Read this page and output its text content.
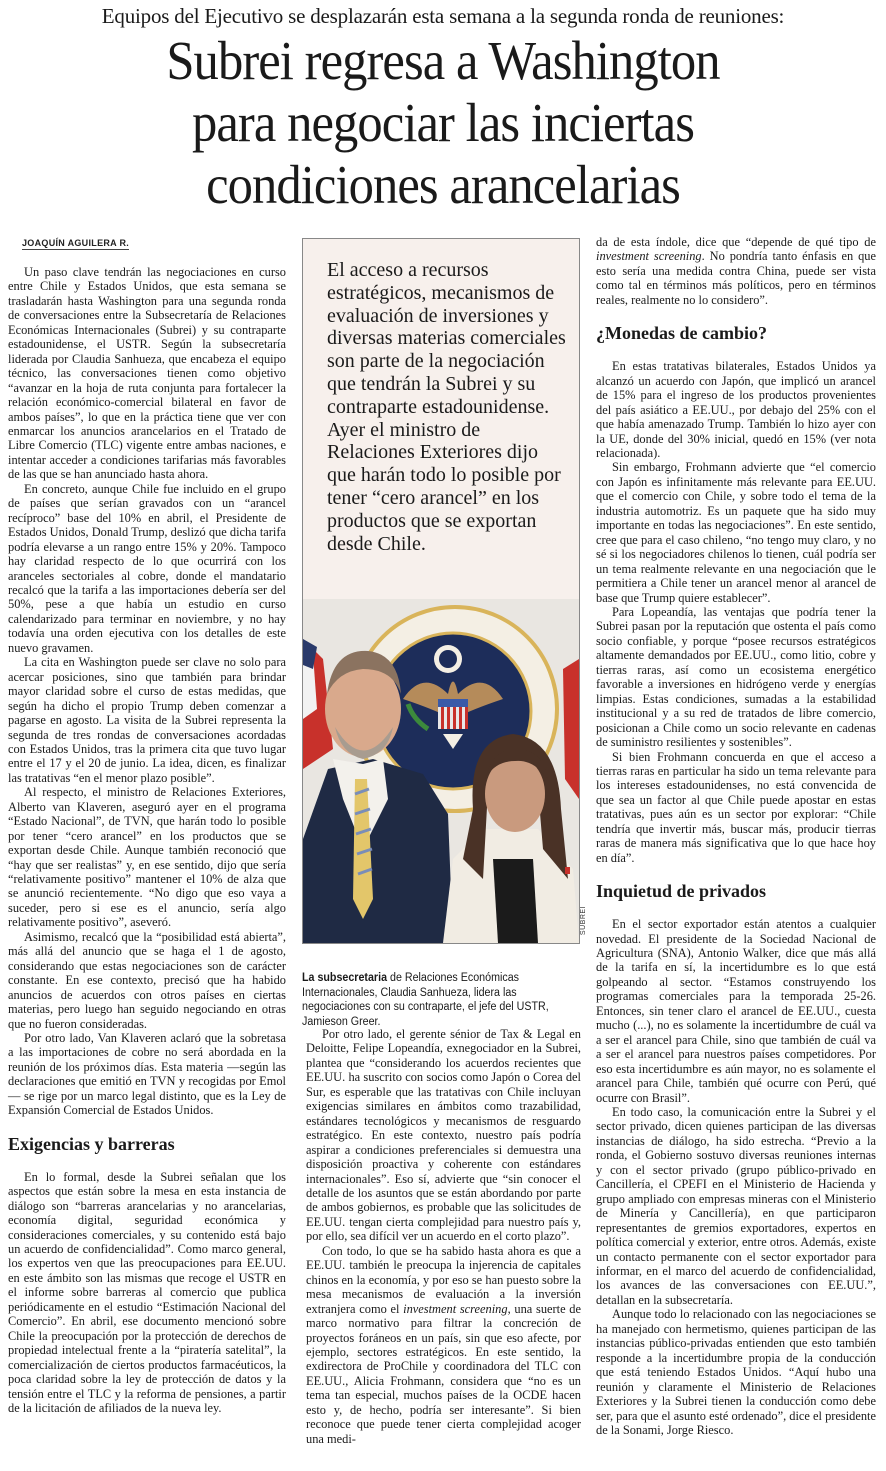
Equipos del Ejecutivo se desplazarán esta semana a la segunda ronda de reuniones:
Subrei regresa a Washington
para negociar las inciertas
condiciones arancelarias
JOAQUÍN AGUILERA R.

Un paso clave tendrán las negociaciones en curso entre Chile y Estados Unidos, que esta semana se trasladarán hasta Washington para una segunda ronda de conversaciones entre la Subsecretaría de Relaciones Económicas Internacionales (Subrei) y su contraparte estadounidense, el USTR. Según la subsecretaría liderada por Claudia Sanhueza, que encabeza el equipo técnico, las conversaciones tienen como objetivo “avanzar en la hoja de ruta conjunta para fortalecer la relación económico-comercial bilateral en favor de ambos países”, lo que en la práctica tiene que ver con enmarcar los anuncios arancelarios en el Tratado de Libre Comercio (TLC) vigente entre ambas naciones, e intentar acceder a condiciones tarifarias más favorables de las que se han anunciado hasta ahora.

En concreto, aunque Chile fue incluido en el grupo de países que serían gravados con un “arancel recíproco” base del 10% en abril, el Presidente de Estados Unidos, Donald Trump, deslizó que dicha tarifa podría elevarse a un rango entre 15% y 20%. Tampoco hay claridad respecto de lo que ocurrirá con los aranceles sectoriales al cobre, donde el mandatario recalcó que la tarifa a las importaciones debería ser del 50%, pese a que había un estudio en curso calendarizado para terminar en noviembre, y no hay todavía una orden ejecutiva con los detalles de este nuevo gravamen.

La cita en Washington puede ser clave no solo para acercar posiciones, sino que también para brindar mayor claridad sobre el curso de estas medidas, que según ha dicho el propio Trump deben comenzar a pagarse en agosto. La visita de la Subrei representa la segunda de tres rondas de conversaciones acordadas con Estados Unidos, tras la primera cita que tuvo lugar entre el 17 y el 20 de junio. La idea, dicen, es finalizar las tratativas “en el menor plazo posible”.

Al respecto, el ministro de Relaciones Exteriores, Alberto van Klaveren, aseguró ayer en el programa “Estado Nacional”, de TVN, que harán todo lo posible por tener “cero arancel” en los productos que se exportan desde Chile. Aunque también reconoció que “hay que ser realistas” y, en ese sentido, dijo que sería “relativamente positivo” mantener el 10% de alza que se anunció recientemente. “No digo que eso vaya a suceder, pero si ese es el anuncio, sería algo relativamente positivo”, aseveró.

Asimismo, recalcó que la “posibilidad está abierta”, más allá del anuncio que se haga el 1 de agosto, considerando que estas negociaciones son de carácter constante. En ese contexto, precisó que ha habido anuncios de acuerdos con otros países en ciertas materias, pero luego han seguido negociando en otras que no fueron consideradas.

Por otro lado, Van Klaveren aclaró que la sobretasa a las importaciones de cobre no será abordada en la reunión de los próximos días. Esta materia —según las declaraciones que emitió en TVN y recogidas por Emol— se rige por un marco legal distinto, que es la Ley de Expansión Comercial de Estados Unidos.

Exigencias y barreras

En lo formal, desde la Subrei señalan que los aspectos que están sobre la mesa en esta instancia de diálogo son “barreras arancelarias y no arancelarias, economía digital, seguridad económica y consideraciones comerciales, y su contenido está bajo un acuerdo de confidencialidad”. Como marco general, los expertos ven que las preocupaciones para EE.UU. en este ámbito son las mismas que recoge el USTR en el informe sobre barreras al comercio que publica periódicamente en el estudio “Estimación Nacional del Comercio”. En abril, ese documento mencionó sobre Chile la preocupación por la protección de derechos de propiedad intelectual frente a la “piratería satelital”, la comercialización de ciertos productos farmacéuticos, la poca claridad sobre la ley de protección de datos y la tensión entre el TLC y la reforma de pensiones, a partir de la licitación de afiliados de la nueva ley.

El acceso a recursos estratégicos, mecanismos de evaluación de inversiones y diversas materias comerciales son parte de la negociación que tendrán la Subrei y su contraparte estadounidense. Ayer el ministro de Relaciones Exteriores dijo que harán todo lo posible por tener “cero arancel” en los productos que se exportan desde Chile.
SUBREI
La subsecretaria de Relaciones Económicas Internacionales, Claudia Sanhueza, lidera las negociaciones con su contraparte, el jefe del USTR, Jamieson Greer.

Por otro lado, el gerente sénior de Tax & Legal en Deloitte, Felipe Lopeandía, exnegociador en la Subrei, plantea que “considerando los acuerdos recientes que EE.UU. ha suscrito con socios como Japón o Corea del Sur, es esperable que las tratativas con Chile incluyan exigencias similares en ámbitos como trazabilidad, estándares tecnológicos y mecanismos de resguardo estratégico. En este contexto, nuestro país podría aspirar a condiciones preferenciales si demuestra una disposición proactiva y coherente con estándares internacionales”. Eso sí, advierte que “sin conocer el detalle de los asuntos que se están abordando por parte de ambos gobiernos, es probable que las solicitudes de EE.UU. tengan cierta complejidad para nuestro país y, por ello, sea difícil ver un acuerdo en el corto plazo”.

Con todo, lo que se ha sabido hasta ahora es que a EE.UU. también le preocupa la injerencia de capitales chinos en la economía, y por eso se han puesto sobre la mesa mecanismos de evaluación a la inversión extranjera como el investment screening, una suerte de marco normativo para filtrar la concreción de proyectos foráneos en un país, sin que eso afecte, por ejemplo, sectores estratégicos. En este sentido, la exdirectora de ProChile y coordinadora del TLC con EE.UU., Alicia Frohmann, considera que “no es un tema tan especial, muchos países de la OCDE hacen esto y, de hecho, podría ser interesante”. Si bien reconoce que puede tener cierta complejidad acoger una medi-

da de esta índole, dice que “depende de qué tipo de investment screening. No pondría tanto énfasis en que esto sería una medida contra China, puede ser vista como tal en términos más políticos, pero en términos reales, realmente no lo considero”.

¿Monedas de cambio?

En estas tratativas bilaterales, Estados Unidos ya alcanzó un acuerdo con Japón, que implicó un arancel de 15% para el ingreso de los productos provenientes del país asiático a EE.UU., por debajo del 25% con el que había amenazado Trump. También lo hizo ayer con la UE, donde del 30% inicial, quedó en 15% (ver nota relacionada).

Sin embargo, Frohmann advierte que “el comercio con Japón es infinitamente más relevante para EE.UU. que el comercio con Chile, y sobre todo el tema de la industria automotriz. Es un paquete que ha sido muy importante en todas las negociaciones”. En este sentido, cree que para el caso chileno, “no tengo muy claro, y no sé si los negociadores chilenos lo tienen, cuál podría ser un tema realmente relevante en una negociación que le permitiera a Chile tener un arancel menor al arancel de base que Trump quiere establecer”.

Para Lopeandía, las ventajas que podría tener la Subrei pasan por la reputación que ostenta el país como socio confiable, y porque “posee recursos estratégicos altamente demandados por EE.UU., como litio, cobre y tierras raras, así como un ecosistema energético favorable a inversiones en hidrógeno verde y energías limpias. Estas condiciones, sumadas a la estabilidad institucional y a su red de tratados de libre comercio, posicionan a Chile como un socio relevante en cadenas de suministro resilientes y sostenibles”.

Si bien Frohmann concuerda en que el acceso a tierras raras en particular ha sido un tema relevante para los intereses estadounidenses, no está convencida de que sea un factor al que Chile puede apostar en estas tratativas, pues aún es un sector por explorar: “Chile tendría que invertir más, buscar más, producir tierras raras de manera más significativa que lo que hace hoy en día”.

Inquietud de privados

En el sector exportador están atentos a cualquier novedad. El presidente de la Sociedad Nacional de Agricultura (SNA), Antonio Walker, dice que más allá de la tarifa en sí, la incertidumbre es lo que está golpeando al sector. “Estamos construyendo los programas comerciales para la temporada 25-26. Entonces, sin tener claro el arancel de EE.UU., cuesta mucho (...), no es solamente la incertidumbre de cuál va a ser el arancel para Chile, sino que también de cuál va a ser el arancel para nuestros países competidores. Por eso esta incertidumbre es aún mayor, no es solamente el arancel para Chile, también qué ocurre con Perú, qué ocurre con Brasil”.

En todo caso, la comunicación entre la Subrei y el sector privado, dicen quienes participan de las diversas instancias de diálogo, ha sido estrecha. “Previo a la ronda, el Gobierno sostuvo diversas reuniones internas y con el sector privado (grupo público-privado en Cancillería, el CPEFI en el Ministerio de Hacienda y grupo ampliado con empresas mineras con el Ministerio de Minería y Cancillería), en que participaron representantes de gremios exportadores, expertos en política comercial y exterior, entre otros. Además, existe un contacto permanente con el sector exportador para informar, en el marco del acuerdo de confidencialidad, los avances de las conversaciones con EE.UU.”, detallan en la subsecretaría.

Aunque todo lo relacionado con las negociaciones se ha manejado con hermetismo, quienes participan de las instancias público-privadas entienden que esto también responde a la incertidumbre propia de la conducción que está teniendo Estados Unidos. “Aquí hubo una reunión y claramente el Ministerio de Relaciones Exteriores y la Subrei tienen la conducción como debe ser, para que el asunto esté ordenado”, dice el presidente de la Sonami, Jorge Riesco.
